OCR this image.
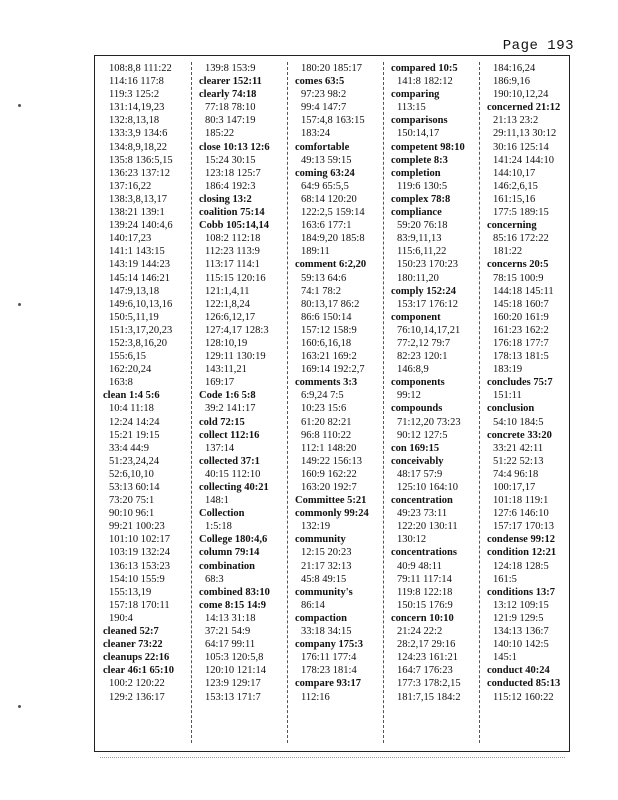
Page 193
108:8,8 111:22
114:16 117:8
119:3 125:2
131:14,19,23
132:8,13,18
133:3,9 134:6
134:8,9,18,22
135:8 136:5,15
136:23 137:12
137:16,22
138:3,8,13,17
138:21 139:1
139:24 140:4,6
140:17,23
141:1 143:15
143:19 144:23
145:14 146:21
147:9,13,18
149:6,10,13,16
150:5,11,19
151:3,17,20,23
152:3,8,16,20
155:6,15
162:20,24
163:8
clean 1:4 5:6
10:4 11:18
12:24 14:24
15:21 19:15
33:4 44:9
51:23,24,24
52:6,10,10
53:13 60:14
73:20 75:1
90:10 96:1
99:21 100:23
101:10 102:17
103:19 132:24
136:13 153:23
154:10 155:9
155:13,19
157:18 170:11
190:4
cleaned 52:7
cleaner 73:22
cleanups 22:16
clear 46:1 65:10
100:2 120:22
129:2 136:17
139:8 153:9
clearer 152:11
clearly 74:18
77:18 78:10
80:3 147:19
185:22
close 10:13 12:6
15:24 30:15
123:18 125:7
186:4 192:3
closing 13:2
coalition 75:14
Cobb 105:14,14
108:2 112:18
112:23 113:9
113:17 114:1
115:15 120:16
121:1,4,11
122:1,8,24
126:6,12,17
127:4,17 128:3
128:10,19
129:11 130:19
143:11,21
169:17
Code 1:6 5:8
39:2 141:17
cold 72:15
collect 112:16
137:14
collected 37:1
40:15 112:10
collecting 40:21
148:1
Collection
1:5:18
College 180:4,6
column 79:14
combination
68:3
combined 83:10
come 8:15 14:9
14:13 31:18
37:21 54:9
64:17 99:11
105:3 120:5,8
120:10 121:14
123:9 129:17
153:13 171:7
180:20 185:17
comes 63:5
97:23 98:2
99:4 147:7
157:4,8 163:15
183:24
comfortable
49:13 59:15
coming 63:24
64:9 65:5,5
68:14 120:20
122:2,5 159:14
163:6 177:1
184:9,20 185:8
189:11
comment 6:2,20
59:13 64:6
74:1 78:2
80:13,17 86:2
86:6 150:14
157:12 158:9
160:6,16,18
163:21 169:2
169:14 192:2,7
comments 3:3
6:9,24 7:5
10:23 15:6
61:20 82:21
96:8 110:22
112:1 148:20
149:22 156:13
160:9 162:22
163:20 192:7
Committee 5:21
commonly 99:24
132:19
community
12:15 20:23
21:17 32:13
45:8 49:15
community's
86:14
compaction
33:18 34:15
company 175:3
176:11 177:4
178:23 181:4
compare 93:17
112:16
compared 10:5
141:8 182:12
comparing
113:15
comparisons
150:14,17
competent 98:10
complete 8:3
completion
119:6 130:5
complex 78:8
compliance
59:20 76:18
83:9,11,13
115:6,11,22
150:23 170:23
180:11,20
comply 152:24
153:17 176:12
component
76:10,14,17,21
77:2,12 79:7
82:23 120:1
146:8,9
components
99:12
compounds
71:12,20 73:23
90:12 127:5
con 169:15
conceivably
48:17 57:9
125:10 164:10
concentration
49:23 73:11
122:20 130:11
130:12
concentrations
40:9 48:11
79:11 117:14
119:8 122:18
150:15 176:9
concern 10:10
21:24 22:2
28:2,17 29:16
124:23 161:21
164:7 176:23
177:3 178:2,15
181:7,15 184:2
184:16,24
186:9,16
190:10,12,24
concerned 21:12
21:13 23:2
29:11,13 30:12
30:16 125:14
141:24 144:10
144:10,17
146:2,6,15
161:15,16
177:5 189:15
concerning
85:16 172:22
181:22
concerns 20:5
78:15 100:9
144:18 145:11
145:18 160:7
160:20 161:9
161:23 162:2
176:18 177:7
178:13 181:5
183:19
concludes 75:7
151:11
conclusion
54:10 184:5
concrete 33:20
33:21 42:11
51:22 52:13
74:4 96:18
100:17,17
101:18 119:1
127:6 146:10
157:17 170:13
condense 99:12
condition 12:21
124:18 128:5
161:5
conditions 13:7
13:12 109:15
121:9 129:5
134:13 136:7
140:10 142:5
145:1
conduct 40:24
conducted 85:13
115:12 160:22
